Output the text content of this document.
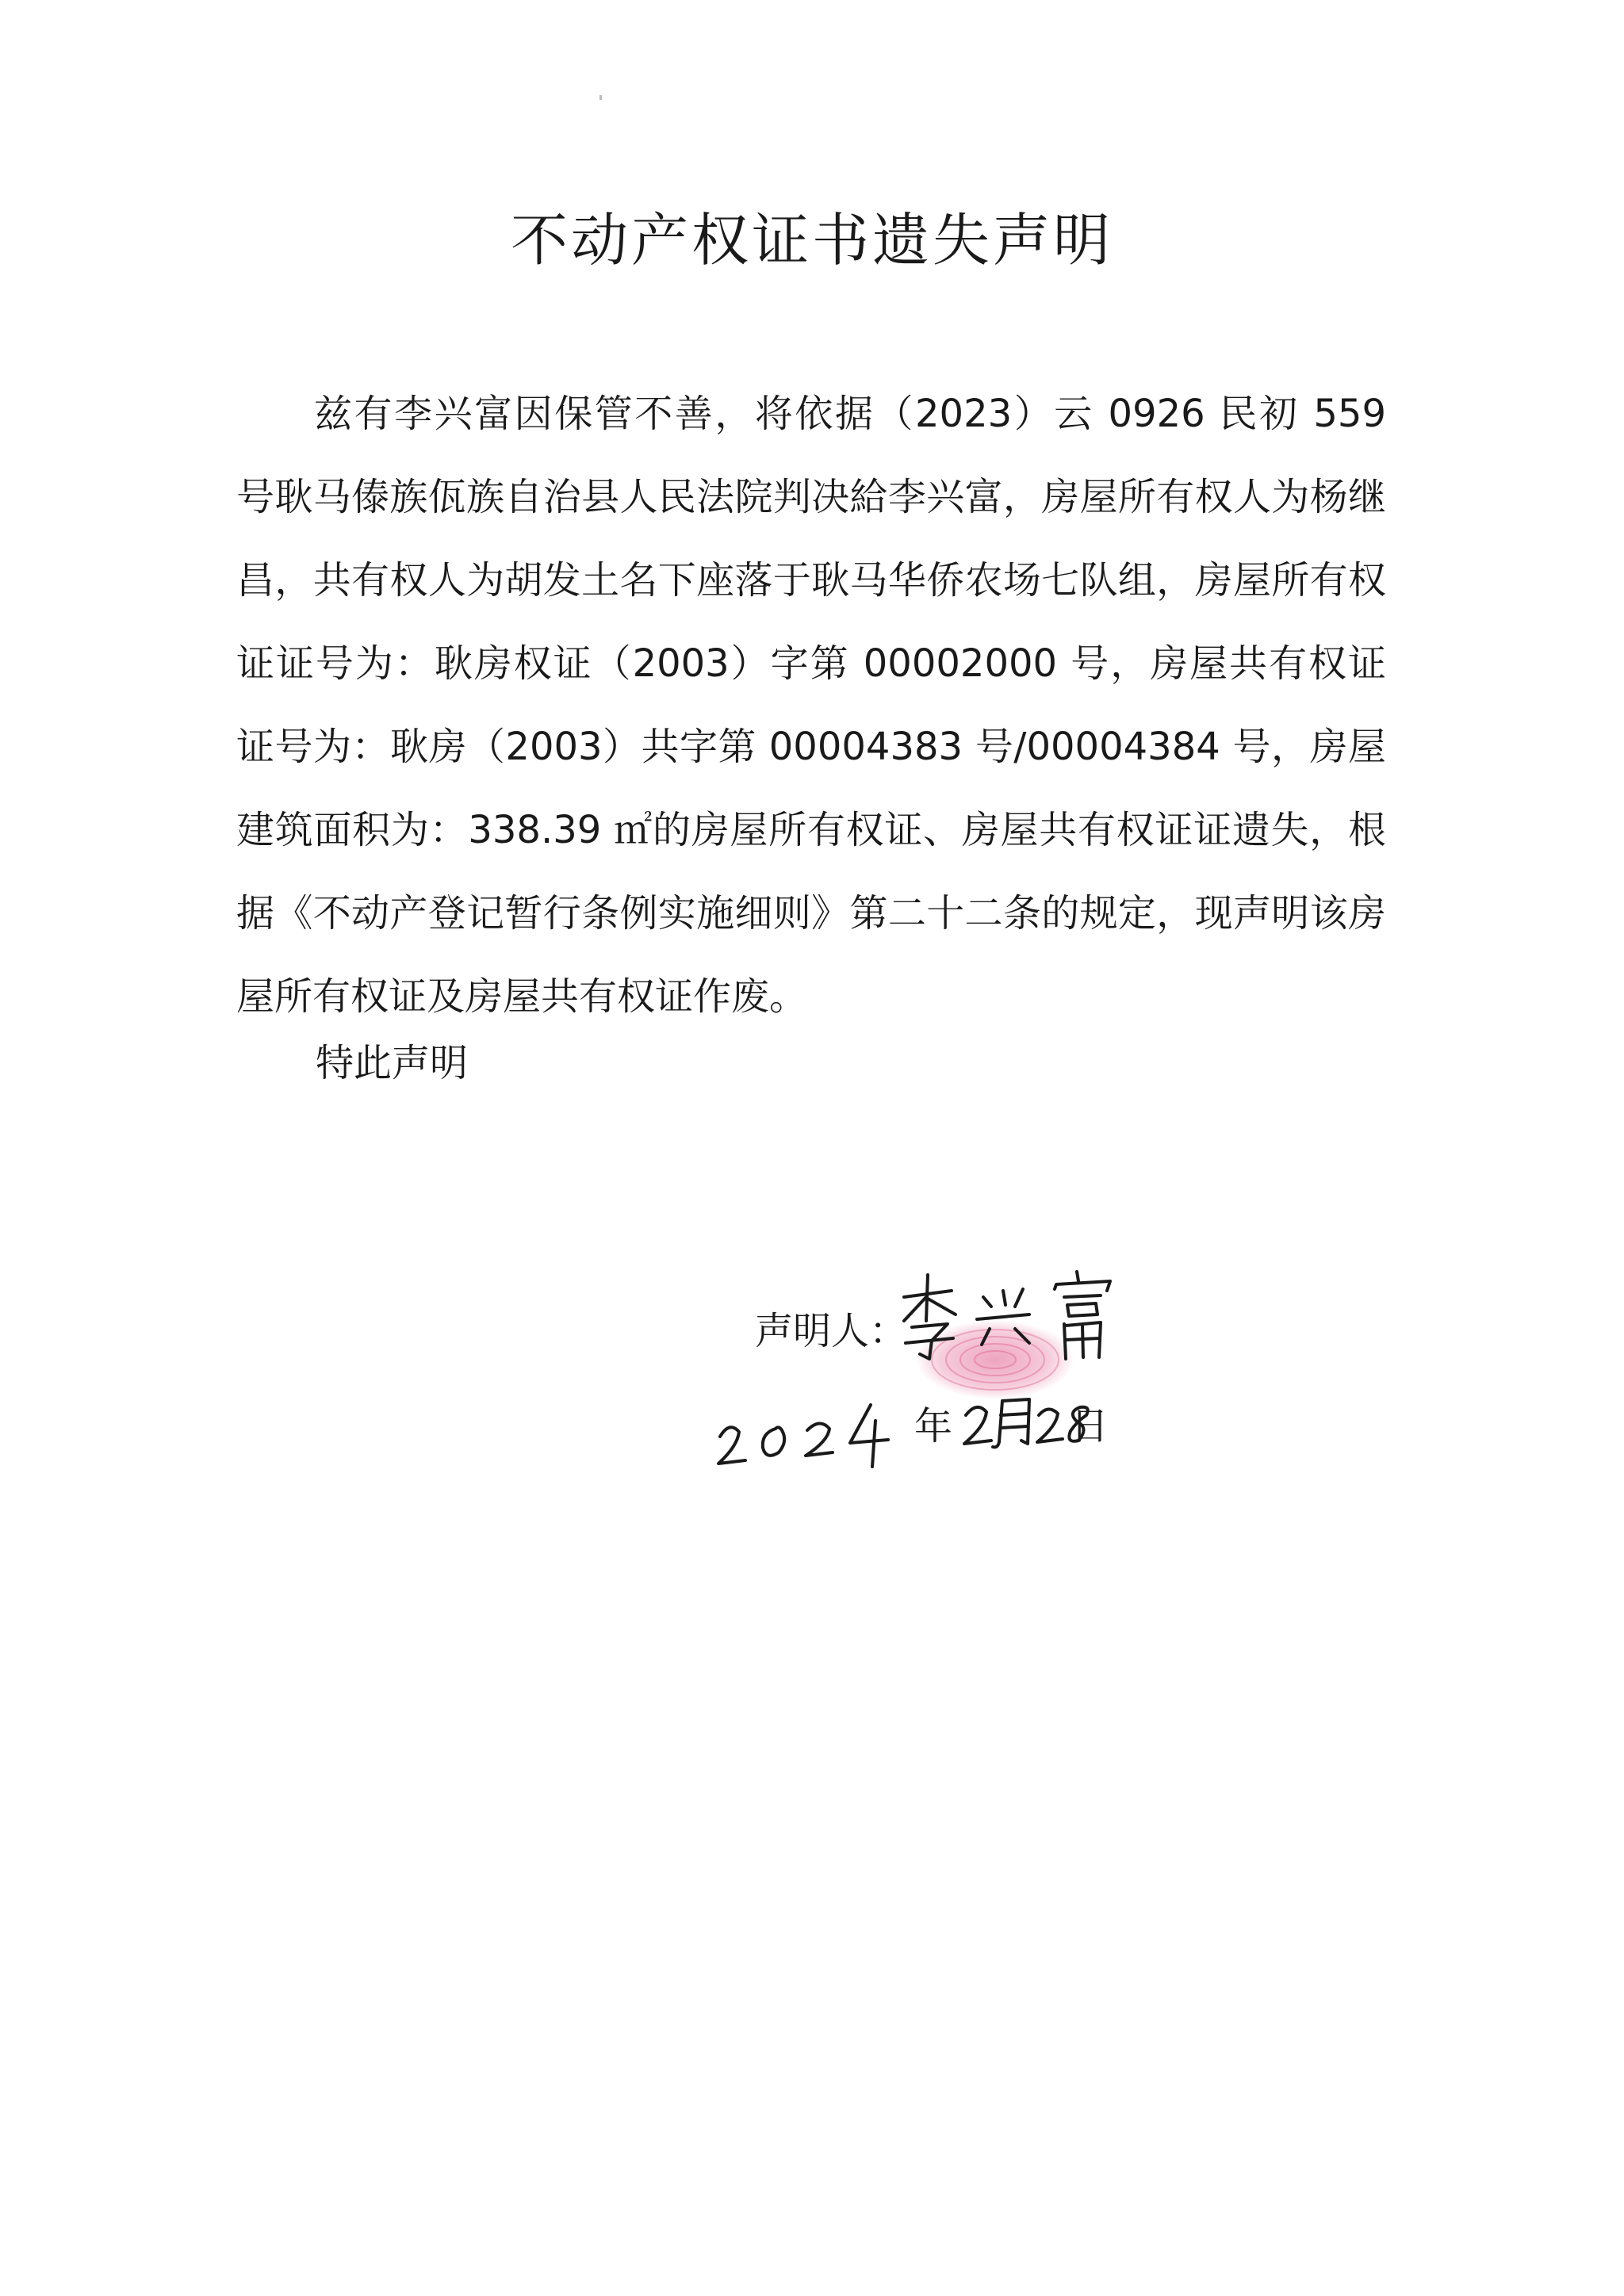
不动产权证书遗失声明

兹有李兴富因保管不善，将依据（2023）云 0926 民初 559 号耿马傣族佤族自治县人民法院判决給李兴富，房屋所有权人为杨继昌，共有权人为胡发土名下座落于耿马华侨农场七队组，房屋所有权证证号为：耿房权证（2003）字第 00002000 号，房屋共有权证证号为：耿房（2003）共字第 00004383 号/00004384 号，房屋建筑面积为：338.39 ㎡的房屋所有权证、房屋共有权证证遗失，根据《不动产登记暂行条例实施细则》第二十二条的规定，现声明该房屋所有权证及房屋共有权证作废。

特此声明

声明人：

年	日
